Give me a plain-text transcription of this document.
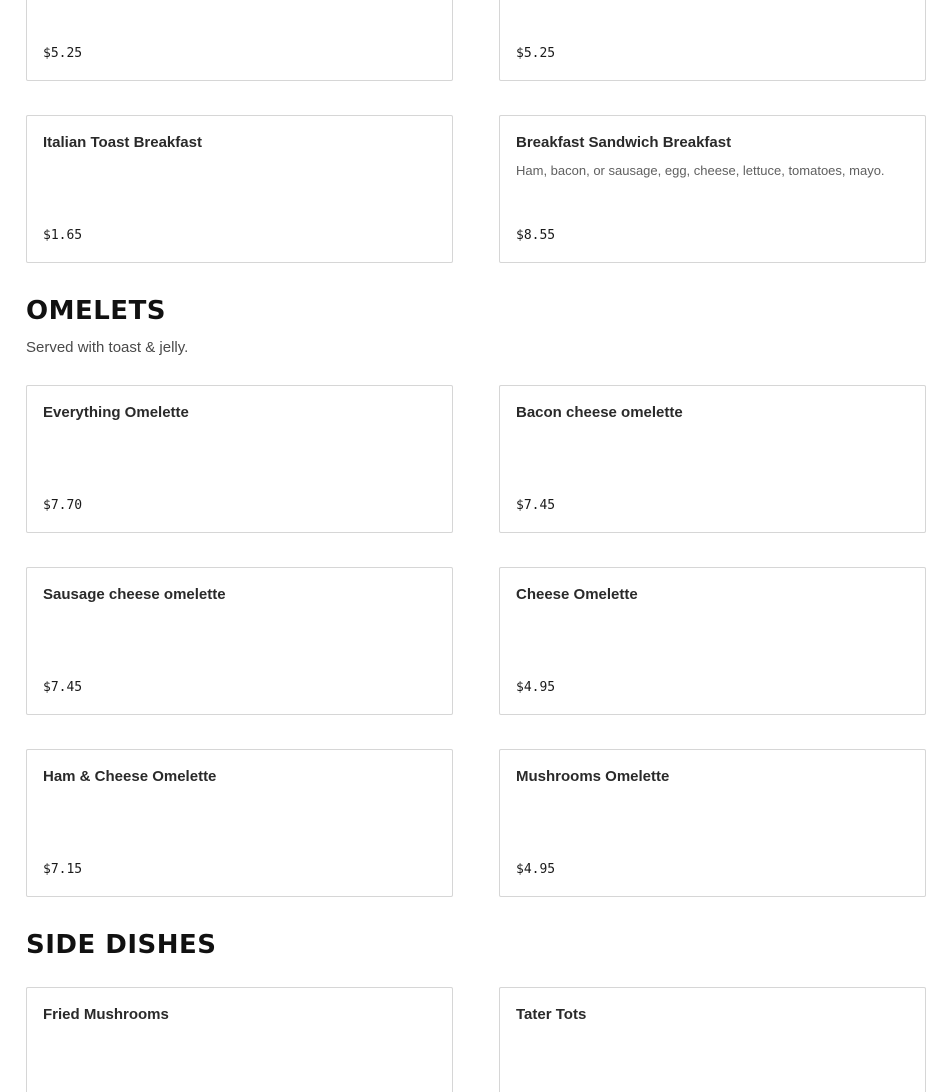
$5.25	$5.25
Italian Toast Breakfast
$1.65
Breakfast Sandwich Breakfast
Ham, bacon, or sausage, egg, cheese, lettuce, tomatoes, mayo.
$8.55
OMELETS

Served with toast & jelly.

Everything Omelette
$7.70
Bacon cheese omelette
$7.45
Sausage cheese omelette
$7.45
Cheese Omelette
$4.95
Ham & Cheese Omelette
$7.15
Mushrooms Omelette
$4.95
SIDE DISHES
Fried Mushrooms	Tater Tots
